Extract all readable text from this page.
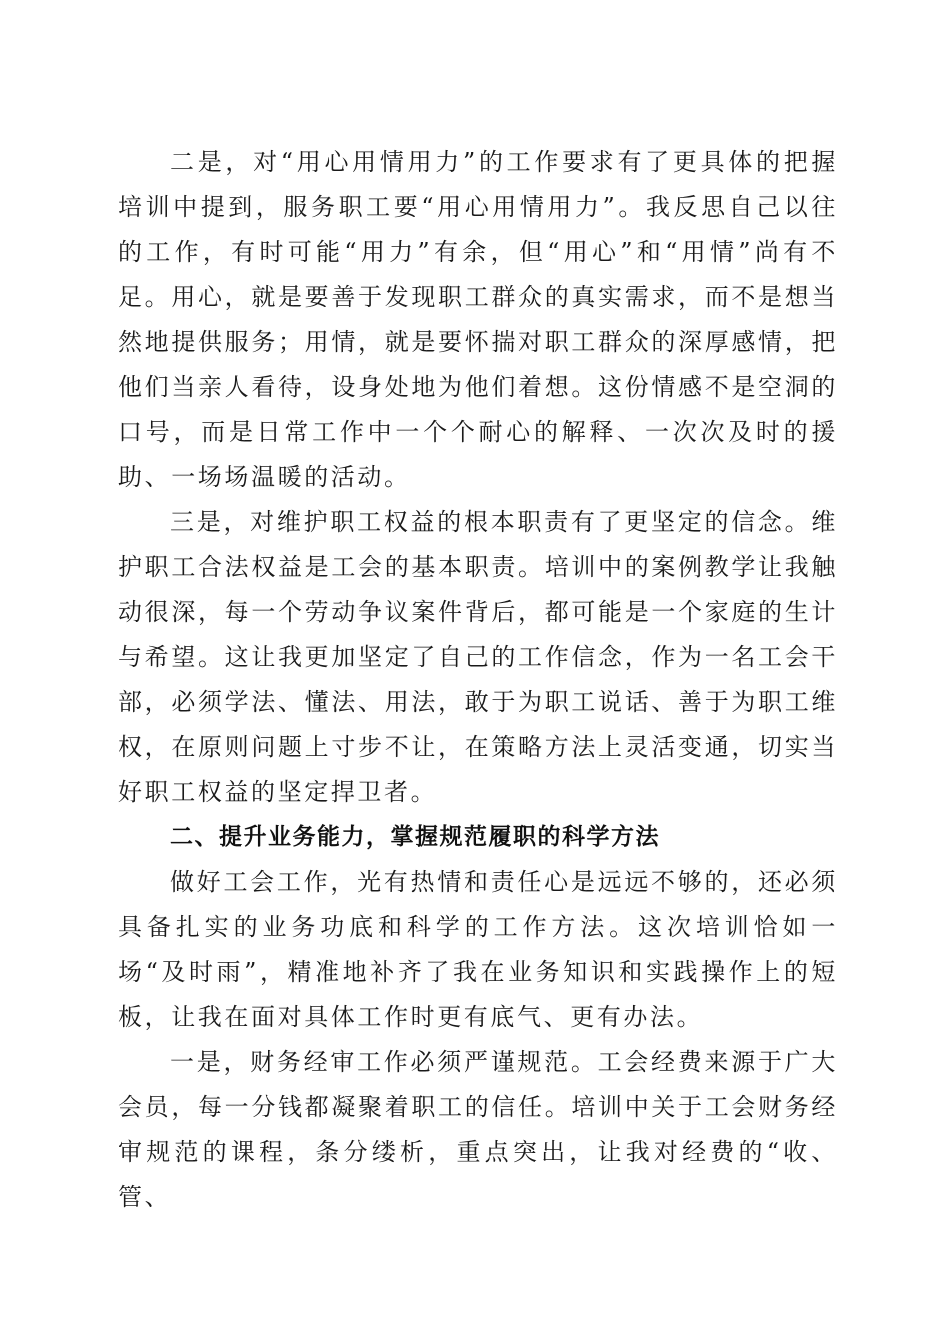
二是，对“用心用情用力”的工作要求有了更具体的把握培训中提到，服务职工要“用心用情用力”。我反思自己以往的工作，有时可能“用力”有余，但“用心”和“用情”尚有不足。用心，就是要善于发现职工群众的真实需求，而不是想当然地提供服务；用情，就是要怀揣对职工群众的深厚感情，把他们当亲人看待，设身处地为他们着想。这份情感不是空洞的口号，而是日常工作中一个个耐心的解释、一次次及时的援助、一场场温暖的活动。

三是，对维护职工权益的根本职责有了更坚定的信念。维护职工合法权益是工会的基本职责。培训中的案例教学让我触动很深，每一个劳动争议案件背后，都可能是一个家庭的生计与希望。这让我更加坚定了自己的工作信念，作为一名工会干部，必须学法、懂法、用法，敢于为职工说话、善于为职工维权，在原则问题上寸步不让，在策略方法上灵活变通，切实当好职工权益的坚定捍卫者。

二、提升业务能力，掌握规范履职的科学方法

做好工会工作，光有热情和责任心是远远不够的，还必须具备扎实的业务功底和科学的工作方法。这次培训恰如一场“及时雨”，精准地补齐了我在业务知识和实践操作上的短板，让我在面对具体工作时更有底气、更有办法。

一是，财务经审工作必须严谨规范。工会经费来源于广大会员，每一分钱都凝聚着职工的信任。培训中关于工会财务经审规范的课程，条分缕析，重点突出，让我对经费的“收、管、
